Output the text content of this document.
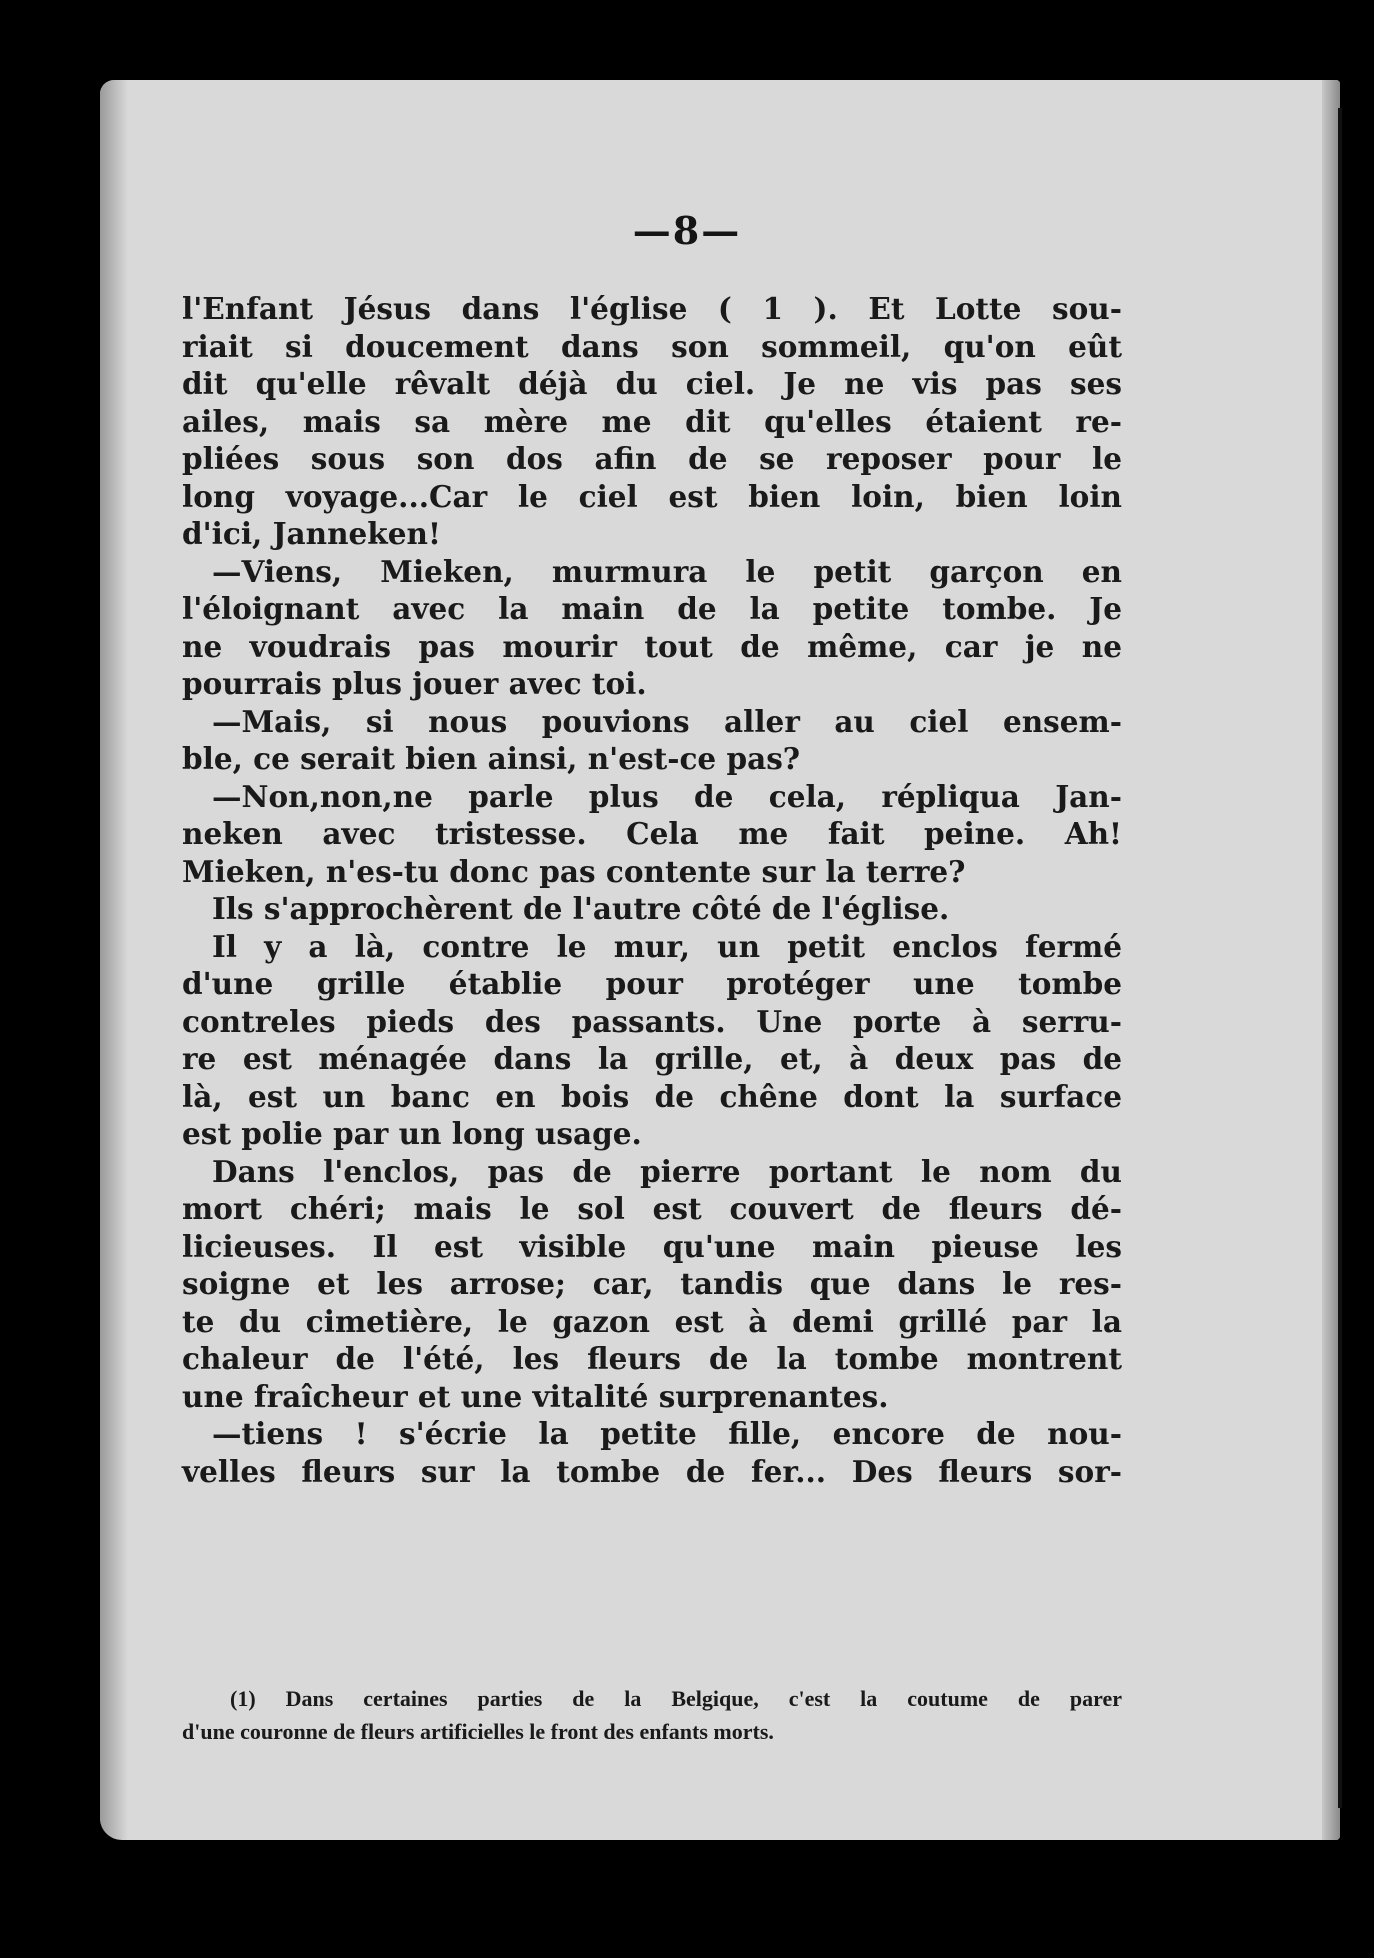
—8—
l'Enfant Jésus dans l'église ( 1 ). Et Lotte sou-
riait si doucement dans son sommeil, qu'on eût
dit qu'elle rêvalt déjà du ciel. Je ne vis pas ses
ailes, mais sa mère me dit qu'elles étaient re-
pliées sous son dos afin de se reposer pour le
long voyage...Car le ciel est bien loin, bien loin
d'ici, Janneken!
—Viens, Mieken, murmura le petit garçon en
l'éloignant avec la main de la petite tombe. Je
ne voudrais pas mourir tout de même, car je ne
pourrais plus jouer avec toi.
—Mais, si nous pouvions aller au ciel ensem-
ble, ce serait bien ainsi, n'est-ce pas?
—Non,non,ne parle plus de cela, répliqua Jan-
neken avec tristesse. Cela me fait peine. Ah!
Mieken, n'es-tu donc pas contente sur la terre?
Ils s'approchèrent de l'autre côté de l'église.
Il y a là, contre le mur, un petit enclos fermé
d'une grille établie pour protéger une tombe
contreles pieds des passants. Une porte à serru-
re est ménagée dans la grille, et, à deux pas de
là, est un banc en bois de chêne dont la surface
est polie par un long usage.
Dans l'enclos, pas de pierre portant le nom du
mort chéri; mais le sol est couvert de fleurs dé-
licieuses. Il est visible qu'une main pieuse les
soigne et les arrose; car, tandis que dans le res-
te du cimetière, le gazon est à demi grillé par la
chaleur de l'été, les fleurs de la tombe montrent
une fraîcheur et une vitalité surprenantes.
—tiens ! s'écrie la petite fille, encore de nou-
velles fleurs sur la tombe de fer... Des fleurs sor-
(1) Dans certaines parties de la Belgique, c'est la coutume de parer
d'une couronne de fleurs artificielles le front des enfants morts.
